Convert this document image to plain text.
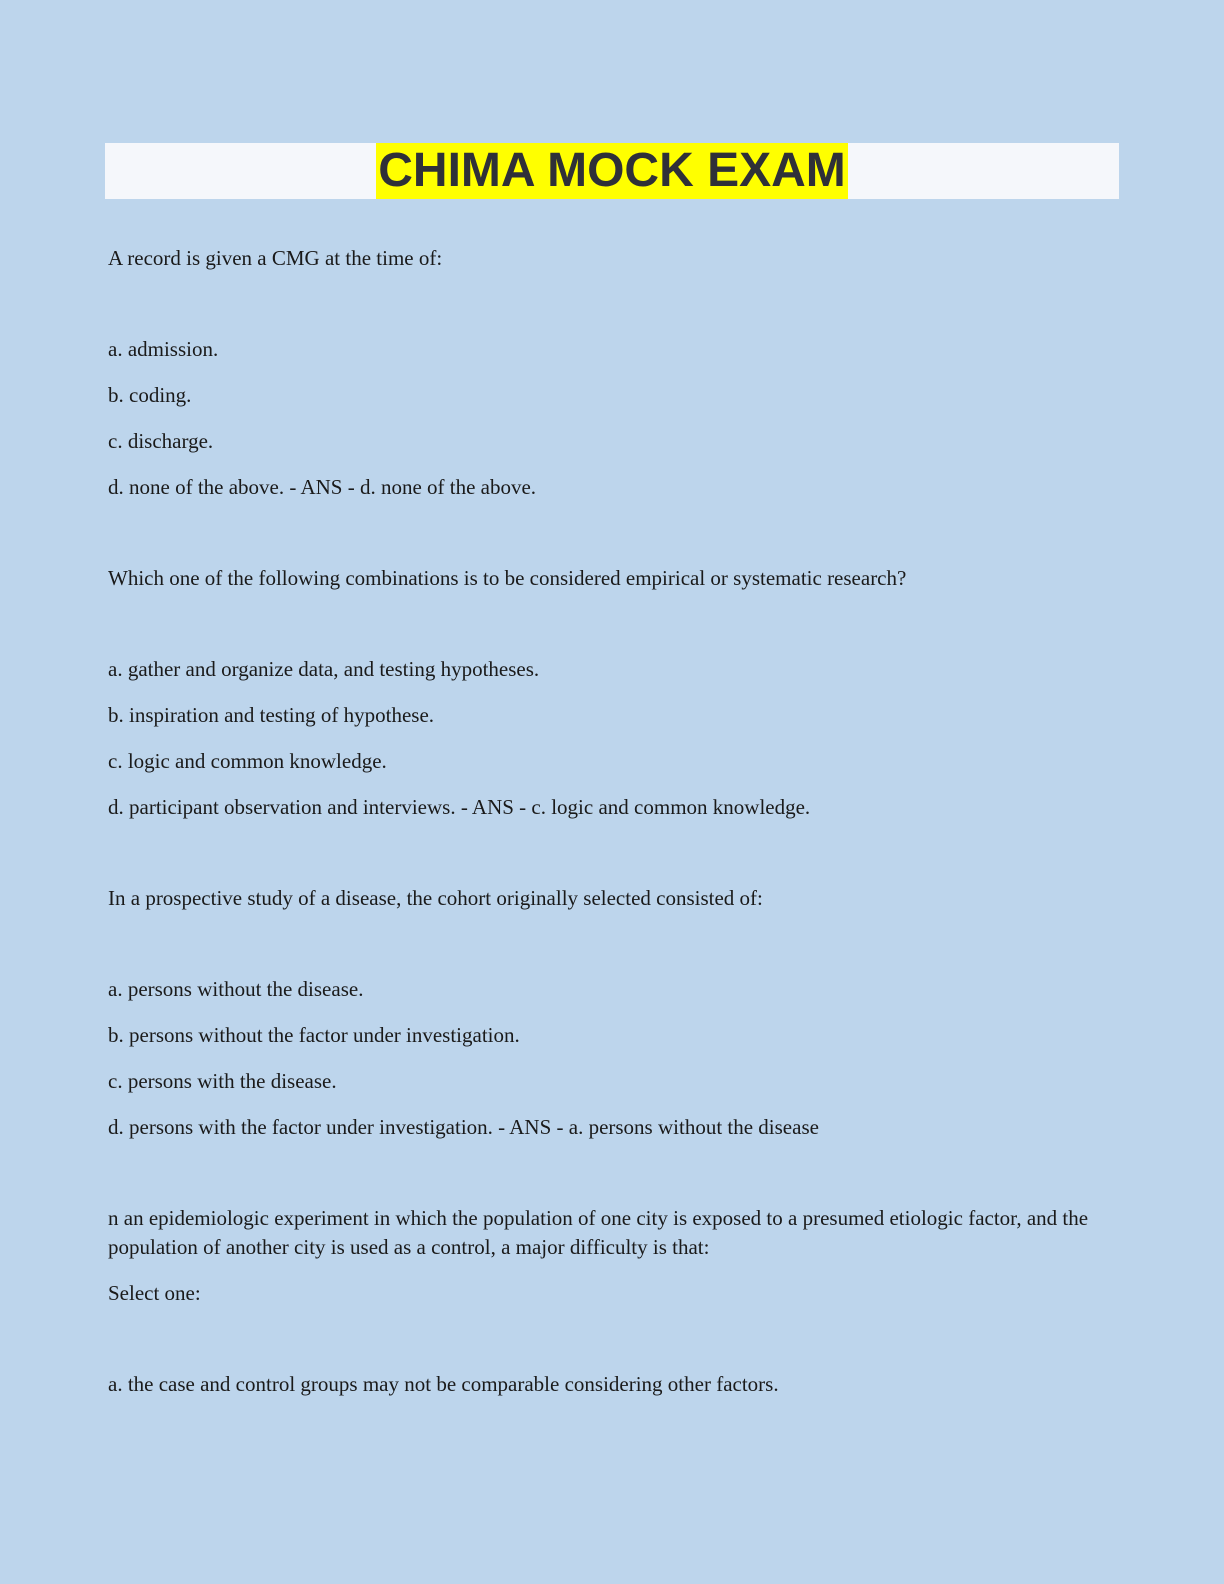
CHIMA MOCK EXAM

A record is given a CMG at the time of:

a. admission.

b. coding.

c. discharge.

d. none of the above. - ANS - d. none of the above.

Which one of the following combinations is to be considered empirical or systematic research?

a. gather and organize data, and testing hypotheses.

b. inspiration and testing of hypothese.

c. logic and common knowledge.

d. participant observation and interviews. - ANS - c. logic and common knowledge.

In a prospective study of a disease, the cohort originally selected consisted of:

a. persons without the disease.

b. persons without the factor under investigation.

c. persons with the disease.

d. persons with the factor under investigation. - ANS - a. persons without the disease

n an epidemiologic experiment in which the population of one city is exposed to a presumed etiologic factor, and the population of another city is used as a control, a major difficulty is that:

Select one:

a. the case and control groups may not be comparable considering other factors.
